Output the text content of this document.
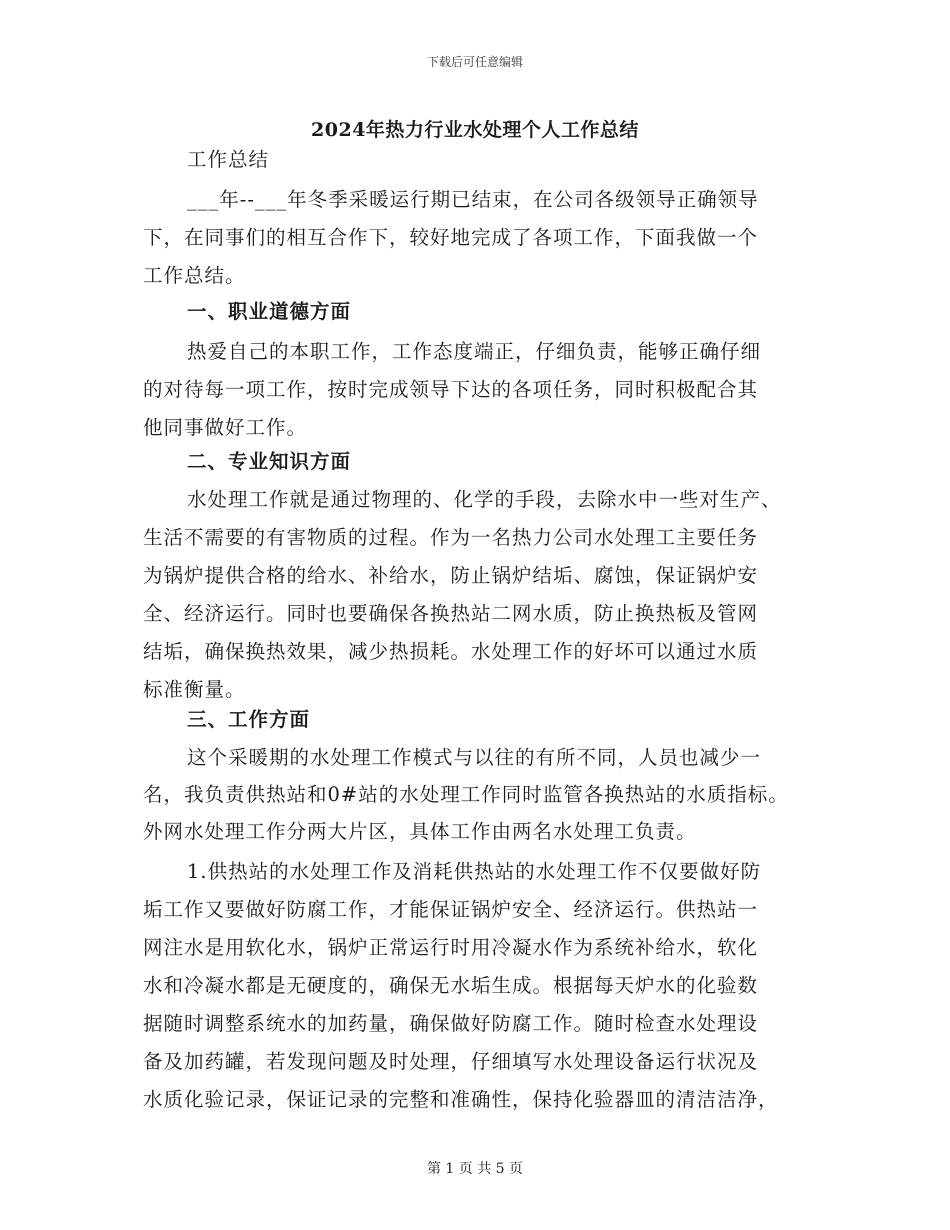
下载后可任意编辑
2024年热力行业水处理个人工作总结
工作总结
___年--___年冬季采暖运行期已结束，在公司各级领导正确领导
下，在同事们的相互合作下，较好地完成了各项工作，下面我做一个
工作总结。
一、职业道德方面
热爱自己的本职工作，工作态度端正，仔细负责，能够正确仔细
的对待每一项工作，按时完成领导下达的各项任务，同时积极配合其
他同事做好工作。
二、专业知识方面
水处理工作就是通过物理的、化学的手段，去除水中一些对生产、
生活不需要的有害物质的过程。作为一名热力公司水处理工主要任务
为锅炉提供合格的给水、补给水，防止锅炉结垢、腐蚀，保证锅炉安
全、经济运行。同时也要确保各换热站二网水质，防止换热板及管网
结垢，确保换热效果，减少热损耗。水处理工作的好坏可以通过水质
标准衡量。
三、工作方面
这个采暖期的水处理工作模式与以往的有所不同，人员也减少一
名，我负责供热站和0#站的水处理工作同时监管各换热站的水质指标。
外网水处理工作分两大片区，具体工作由两名水处理工负责。
1.供热站的水处理工作及消耗供热站的水处理工作不仅要做好防
垢工作又要做好防腐工作，才能保证锅炉安全、经济运行。供热站一
网注水是用软化水，锅炉正常运行时用冷凝水作为系统补给水，软化
水和冷凝水都是无硬度的，确保无水垢生成。根据每天炉水的化验数
据随时调整系统水的加药量，确保做好防腐工作。随时检查水处理设
备及加药罐，若发现问题及时处理，仔细填写水处理设备运行状况及
水质化验记录，保证记录的完整和准确性，保持化验器皿的清洁洁净，
第 1 页 共 5 页
